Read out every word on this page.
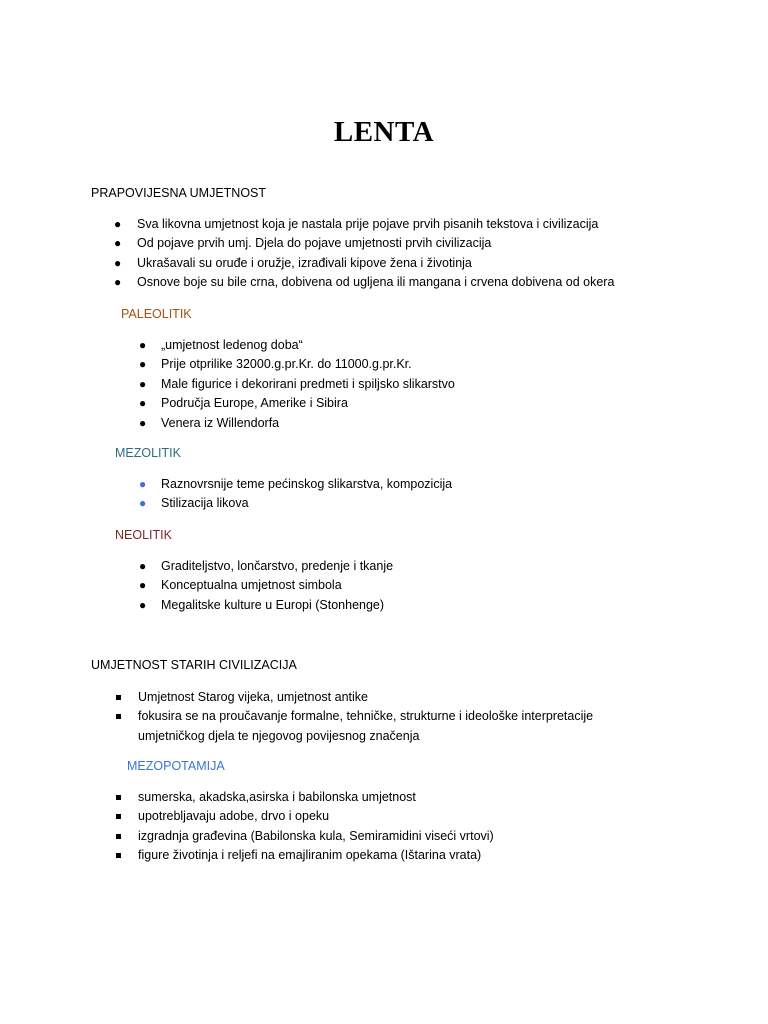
LENTA
PRAPOVIJESNA UMJETNOST
● Sva likovna umjetnost koja je nastala prije pojave prvih pisanih tekstova i civilizacija
● Od pojave prvih umj. Djela do pojave umjetnosti prvih civilizacija
● Ukrašavali su oruđe i oružje, izrađivali kipove žena i životinja
● Osnove boje su bile crna, dobivena od ugljena ili mangana i crvena dobivena od okera
PALEOLITIK
● „umjetnost ledenog doba“
● Prije otprilike 32000.g.pr.Kr. do 11000.g.pr.Kr.
● Male figurice i dekorirani predmeti i spiljsko slikarstvo
● Područja Europe, Amerike i Sibira
● Venera iz Willendorfa
MEZOLITIK
● Raznovrsnije teme pećinskog slikarstva, kompozicija
● Stilizacija likova
NEOLITIK
● Graditeljstvo, lončarstvo, predenje i tkanje
● Konceptualna umjetnost simbola
● Megalitske kulture u Europi (Stonhenge)
UMJETNOST STARIH CIVILIZACIJA
Umjetnost Starog vijeka, umjetnost antike
fokusira se na proučavanje formalne, tehničke, strukturne i ideološke interpretacije
umjetničkog djela te njegovog povijesnog značenja
MEZOPOTAMIJA
sumerska, akadska,asirska i babilonska umjetnost
upotrebljavaju adobe, drvo i opeku
izgradnja građevina (Babilonska kula, Semiramidini viseći vrtovi)
figure životinja i reljefi na emajliranim opekama (Ištarina vrata)
